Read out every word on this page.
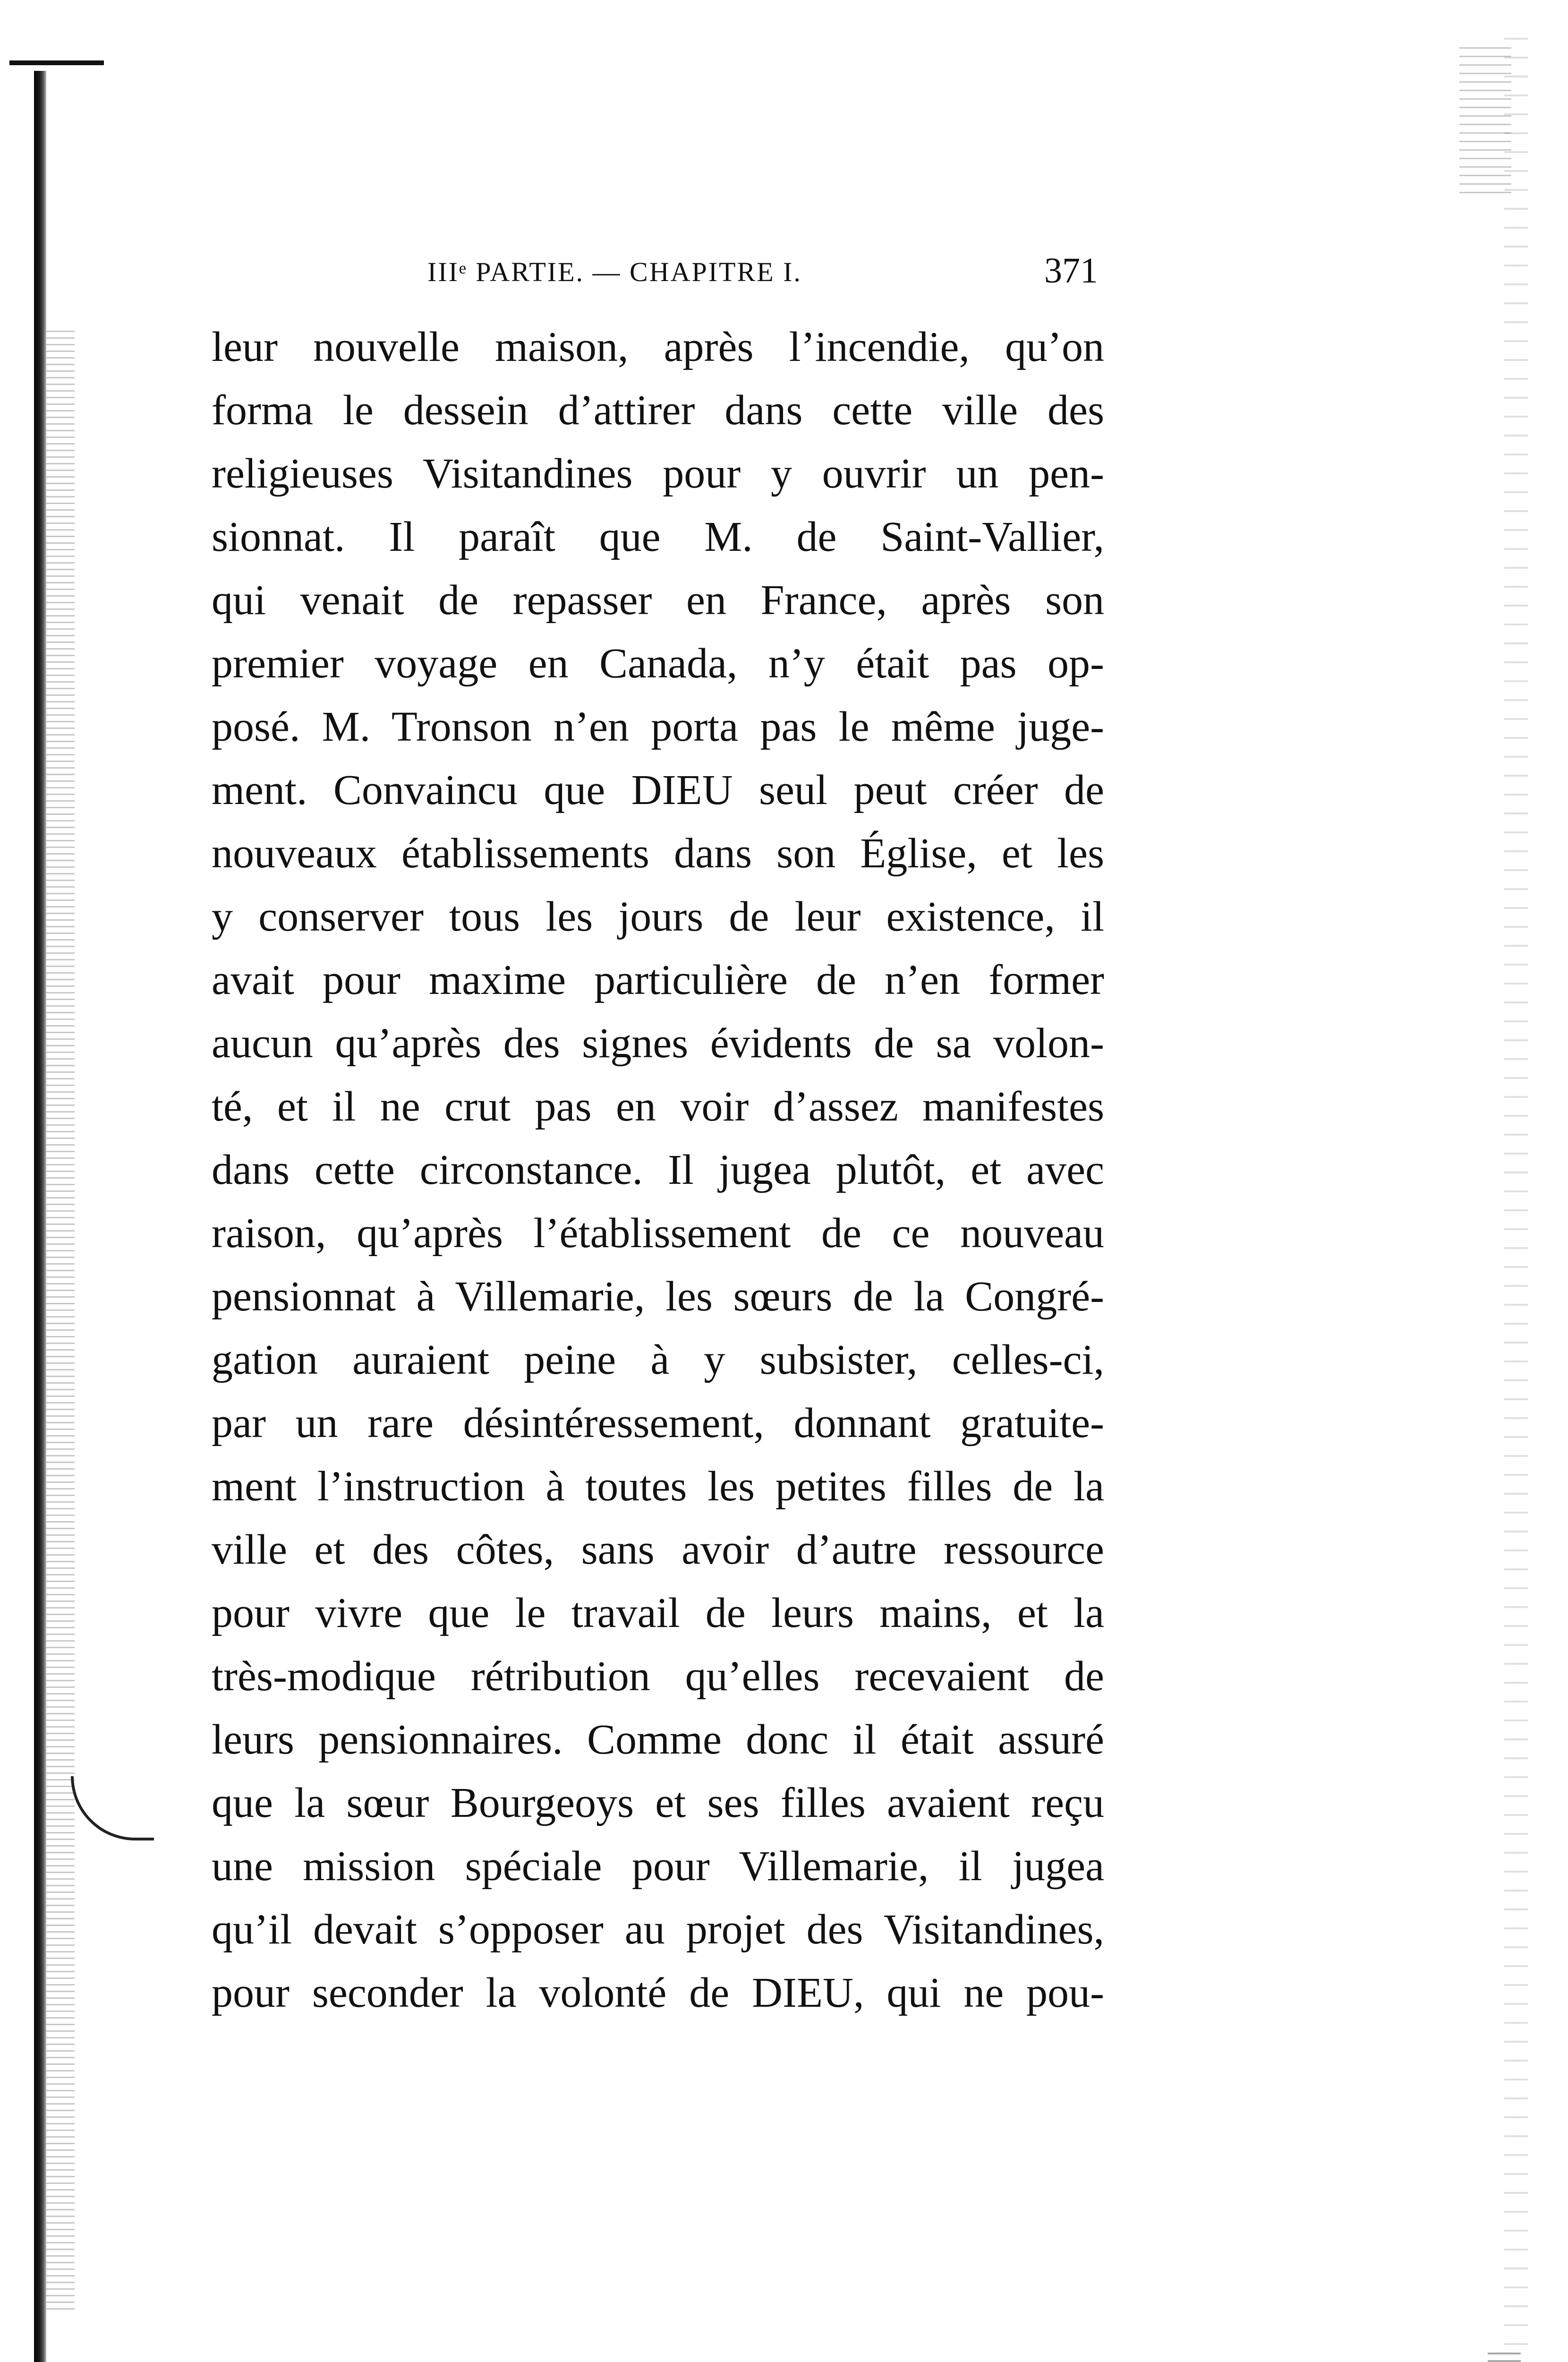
IIIᵉ PARTIE. — CHAPITRE I.	371
leur nouvelle maison, après l’incendie, qu’on
forma le dessein d’attirer dans cette ville des
religieuses Visitandines pour y ouvrir un pen-
sionnat. Il paraît que M. de Saint-Vallier,
qui venait de repasser en France, après son
premier voyage en Canada, n’y était pas op-
posé. M. Tronson n’en porta pas le même juge-
ment. Convaincu que DIEU seul peut créer de
nouveaux établissements dans son Église, et les
y conserver tous les jours de leur existence, il
avait pour maxime particulière de n’en former
aucun qu’après des signes évidents de sa volon-
té, et il ne crut pas en voir d’assez manifestes
dans cette circonstance. Il jugea plutôt, et avec
raison, qu’après l’établissement de ce nouveau
pensionnat à Villemarie, les sœurs de la Congré-
gation auraient peine à y subsister, celles-ci,
par un rare désintéressement, donnant gratuite-
ment l’instruction à toutes les petites filles de la
ville et des côtes, sans avoir d’autre ressource
pour vivre que le travail de leurs mains, et la
très-modique rétribution qu’elles recevaient de
leurs pensionnaires. Comme donc il était assuré
que la sœur Bourgeoys et ses filles avaient reçu
une mission spéciale pour Villemarie, il jugea
qu’il devait s’opposer au projet des Visitandines,
pour seconder la volonté de DIEU, qui ne pou-
